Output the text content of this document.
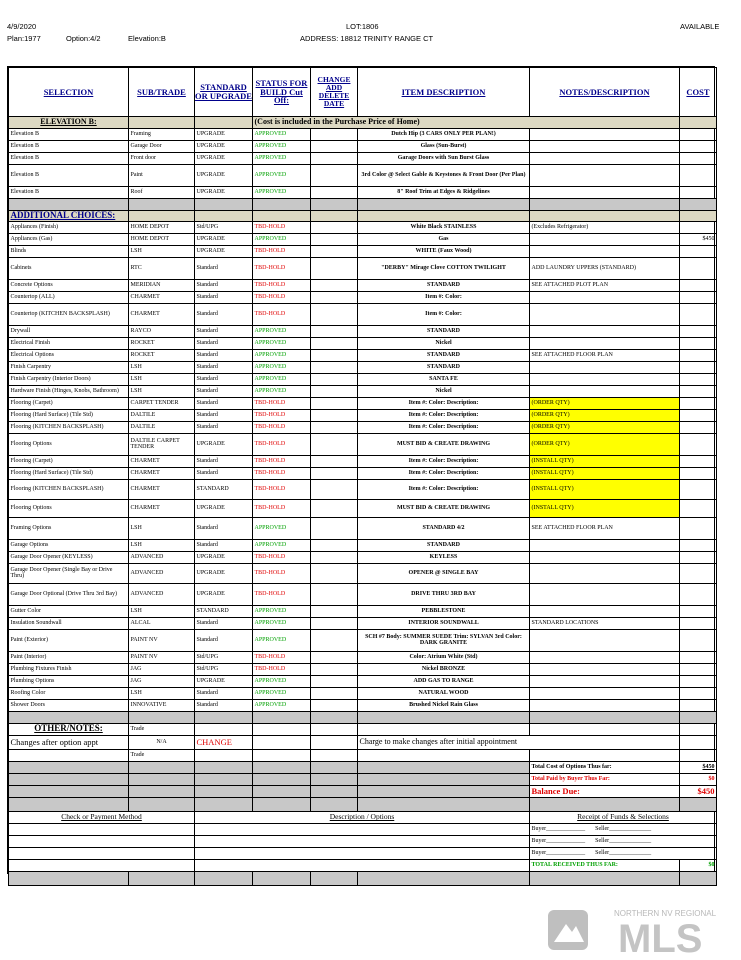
4/9/2020
Plan:1977	Option:4/2	Elevation:B
LOT:1806
ADDRESS: 18812 TRINITY RANGE CT
AVAILABLE
SELECTION	SUB/TRADE	STANDARD OR UPGRADE	STATUS FOR BUILD Cut Off:	CHANGE ADD DELETE DATE	ITEM DESCRIPTION	NOTES/DESCRIPTION	COST
ELEVATION B:			(Cost is included in the Purchase Price of Home)				
Elevation B	Framing	UPGRADE	APPROVED		Dutch Hip (3 CARS ONLY PER PLAN!)		
Elevation B	Garage Door	UPGRADE	APPROVED		Glass (Sun-Burst)		
Elevation B	Front door	UPGRADE	APPROVED		Garage Doors with Sun Burst Glass		
Elevation B	Paint	UPGRADE	APPROVED		3rd Color @ Select Gable & Keystones & Front Door (Per Plan)		
Elevation B	Roof	UPGRADE	APPROVED		8" Roof Trim at Edges & Ridgelines		

ADDITIONAL CHOICES:							
Appliances (Finish)	HOME DEPOT	Std/UPG	TBD-HOLD		White Black STAINLESS	(Excludes Refrigerator)	
Appliances (Gas)	HOME DEPOT	UPGRADE	APPROVED		Gas		$450
Blinds	LSH	UPGRADE	TBD-HOLD		WHITE (Faux Wood)		
Cabinets	RTC	Standard	TBD-HOLD		"DERBY" Mirage Clove COTTON TWILIGHT	ADD LAUNDRY UPPERS (STANDARD)	
Concrete Options	MERIDIAN	Standard	TBD-HOLD		STANDARD	SEE ATTACHED PLOT PLAN	
Countertop (ALL)	CHARMET	Standard	TBD-HOLD		Item #: Color:		
Countertop (KITCHEN BACKSPLASH)	CHARMET	Standard	TBD-HOLD		Item #: Color:		
Drywall	RAYCO	Standard	APPROVED		STANDARD		
Electrical Finish	ROCKET	Standard	APPROVED		Nickel		
Electrical Options	ROCKET	Standard	APPROVED		STANDARD	SEE ATTACHED FLOOR PLAN	
Finish Carpentry	LSH	Standard	APPROVED		STANDARD		
Finish Carpentry (Interior Doors)	LSH	Standard	APPROVED		SANTA FE		
Hardware Finish (Hinges, Knobs, Bathroom)	LSH	Standard	APPROVED		Nickel		
Flooring (Carpet)	CARPET TENDER	Standard	TBD-HOLD		Item #: Color: Description:	(ORDER QTY)	
Flooring (Hard Surface) (Tile Std)	DALTILE	Standard	TBD-HOLD		Item #: Color: Description:	(ORDER QTY)	
Flooring (KITCHEN BACKSPLASH)	DALTILE	Standard	TBD-HOLD		Item #: Color: Description:	(ORDER QTY)	
Flooring Options	DALTILE CARPET TENDER	UPGRADE	TBD-HOLD		MUST BID & CREATE DRAWING	(ORDER QTY)	
Flooring (Carpet)	CHARMET	Standard	TBD-HOLD		Item #: Color: Description:	(INSTALL QTY)	
Flooring (Hard Surface) (Tile Std)	CHARMET	Standard	TBD-HOLD		Item #: Color: Description:	(INSTALL QTY)	
Flooring (KITCHEN BACKSPLASH)	CHARMET	STANDARD	TBD-HOLD		Item #: Color: Description:	(INSTALL QTY)	
Flooring Options	CHARMET	UPGRADE	TBD-HOLD		MUST BID & CREATE DRAWING	(INSTALL QTY)	
Framing Options	LSH	Standard	APPROVED		STANDARD 4/2	SEE ATTACHED FLOOR PLAN	
Garage Options	LSH	Standard	APPROVED		STANDARD		
Garage Door Opener (KEYLESS)	ADVANCED	UPGRADE	TBD-HOLD		KEYLESS		
Garage Door Opener (Single Bay or Drive Thru)	ADVANCED	UPGRADE	TBD-HOLD		OPENER @ SINGLE BAY		
Garage Door Optional (Drive Thru 3rd Bay)	ADVANCED	UPGRADE	TBD-HOLD		DRIVE THRU 3RD BAY		
Gutter Color	LSH	STANDARD	APPROVED		PEBBLESTONE		
Insulation Soundwall	ALCAL	Standard	APPROVED		INTERIOR SOUNDWALL	STANDARD LOCATIONS	
Paint (Exterior)	PAINT NV	Standard	APPROVED		SCH #7 Body: SUMMER SUEDE Trim: SYLVAN 3rd Color: DARK GRANITE		
Paint (Interior)	PAINT NV	Std/UPG	TBD-HOLD		Color: Atrium White (Std)		
Plumbing Fixtures Finish	JAG	Std/UPG	TBD-HOLD		Nickel BRONZE		
Plumbing Options	JAG	UPGRADE	APPROVED		ADD GAS TO RANGE		
Roofing Color	LSH	Standard	APPROVED		NATURAL WOOD		
Shower Doors	INNOVATIVE	Standard	APPROVED		Brushed Nickel Rain Glass		

OTHER/NOTES:	Trade						
Changes after option appt	N/A	CHANGE			Charge to make changes after initial appointment		
	Trade						
						Total Cost of Options Thus far:	$450
						Total Paid by Buyer Thus Far:	$0
						Balance Due:	$450

Check or Payment Method		Description / Options				Receipt of Funds & Selections	
						Buyer_____________ Seller______________	
						Buyer_____________ Seller______________	
						Buyer_____________ Seller______________	
						TOTAL RECEIVED THUS FAR:	$0

NORTHERN NV REGIONAL
MLS
